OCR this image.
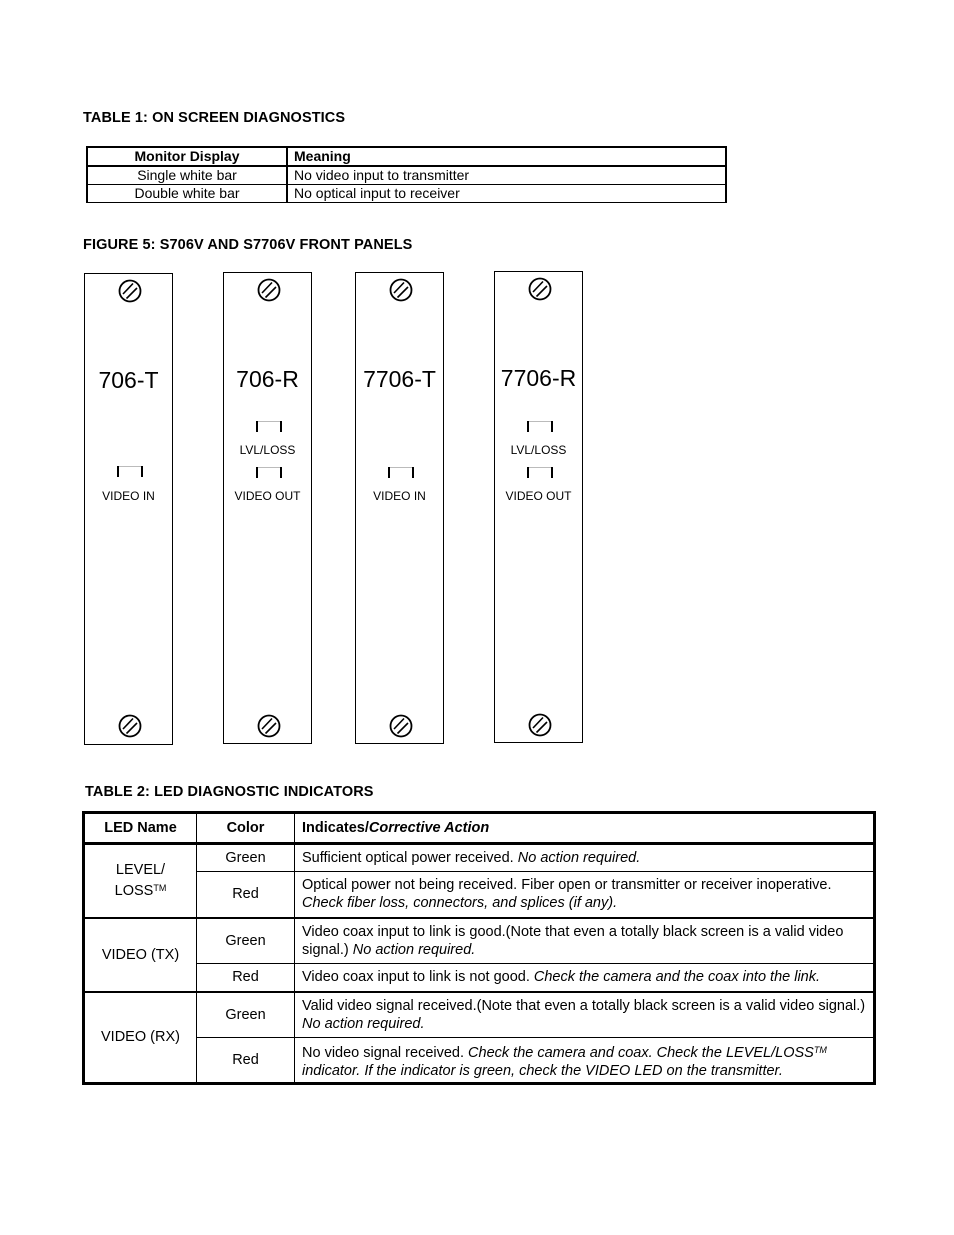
TABLE 1: ON SCREEN DIAGNOSTICS
Monitor Display	Meaning
Single white bar	No video input to transmitter
Double white bar	No optical input to receiver
FIGURE 5: S706V AND S7706V FRONT PANELS
706-T
VIDEO IN
706-R
LVL/LOSS
VIDEO OUT
7706-T
VIDEO IN
7706-R
LVL/LOSS
VIDEO OUT
TABLE 2: LED DIAGNOSTIC INDICATORS
LED Name	Color	Indicates/Corrective Action
LEVEL/
LOSS™	Green	Sufficient optical power received. No action required.
	Red	Optical power not being received. Fiber open or transmitter or receiver inoperative. Check fiber loss, connectors, and splices (if any).
VIDEO (TX)	Green	Video coax input to link is good.(Note that even a totally black screen is a valid video signal.) No action required.
	Red	Video coax input to link is not good. Check the camera and the coax into the link.
VIDEO (RX)	Green	Valid video signal received.(Note that even a totally black screen is a valid video signal.) No action required.
	Red	No video signal received. Check the camera and coax. Check the LEVEL/LOSS™ indicator. If the indicator is green, check the VIDEO LED on the transmitter.
